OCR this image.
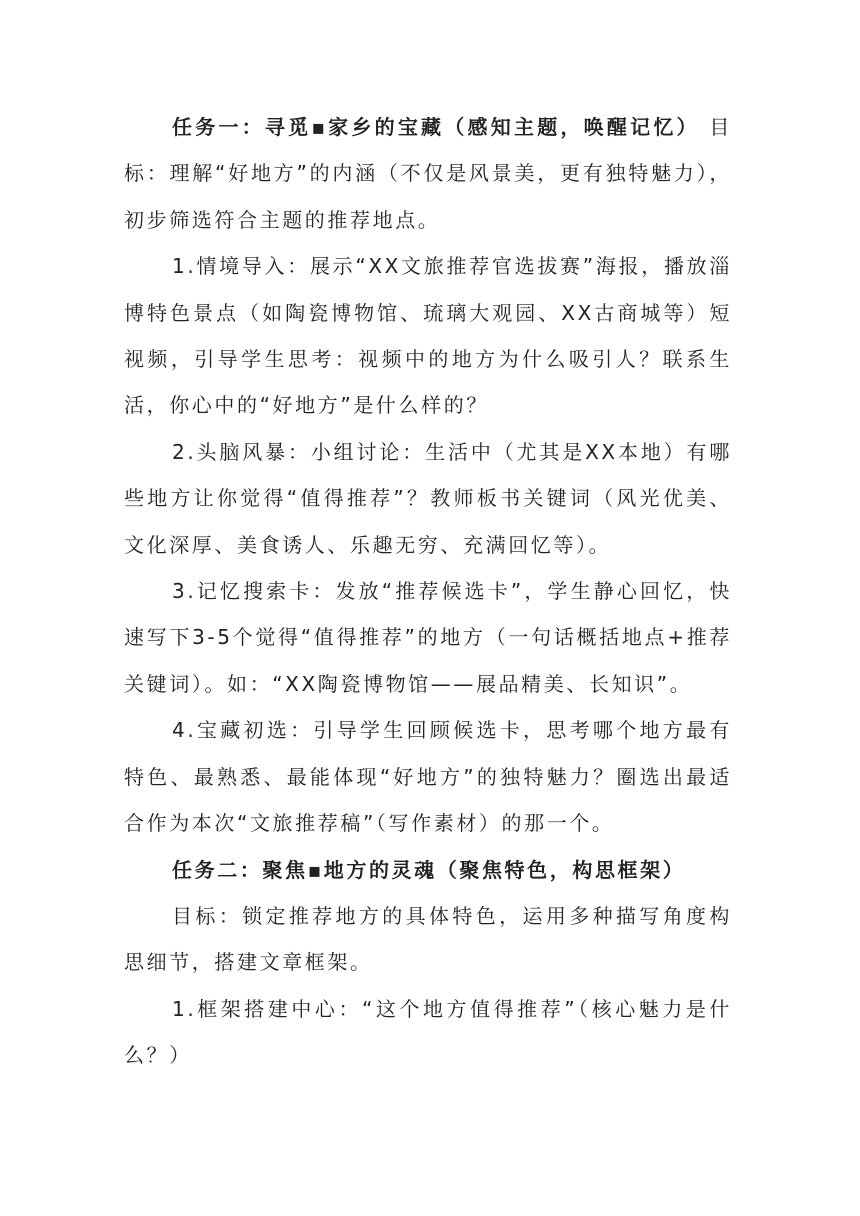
任务一：寻觅▪家乡的宝藏（感知主题，唤醒记忆） 目标：理解“好地方”的内涵（不仅是风景美，更有独特魅力），初步筛选符合主题的推荐地点。

1.情境导入：展示“XX文旅推荐官选拔赛”海报，播放淄博特色景点（如陶瓷博物馆、琉璃大观园、XX古商城等）短视频，引导学生思考：视频中的地方为什么吸引人？联系生活，你心中的“好地方”是什么样的？

2.头脑风暴：小组讨论：生活中（尤其是XX本地）有哪些地方让你觉得“值得推荐”？教师板书关键词（风光优美、文化深厚、美食诱人、乐趣无穷、充满回忆等）。

3.记忆搜索卡：发放“推荐候选卡”，学生静心回忆，快速写下3-5个觉得“值得推荐”的地方（一句话概括地点+推荐关键词）。如：“XX陶瓷博物馆——展品精美、长知识”。

4.宝藏初选：引导学生回顾候选卡，思考哪个地方最有特色、最熟悉、最能体现“好地方”的独特魅力？圈选出最适合作为本次“文旅推荐稿”（写作素材）的那一个。

任务二：聚焦▪地方的灵魂（聚焦特色，构思框架）

目标：锁定推荐地方的具体特色，运用多种描写角度构思细节，搭建文章框架。

1.框架搭建中心：“这个地方值得推荐”（核心魅力是什么？）
